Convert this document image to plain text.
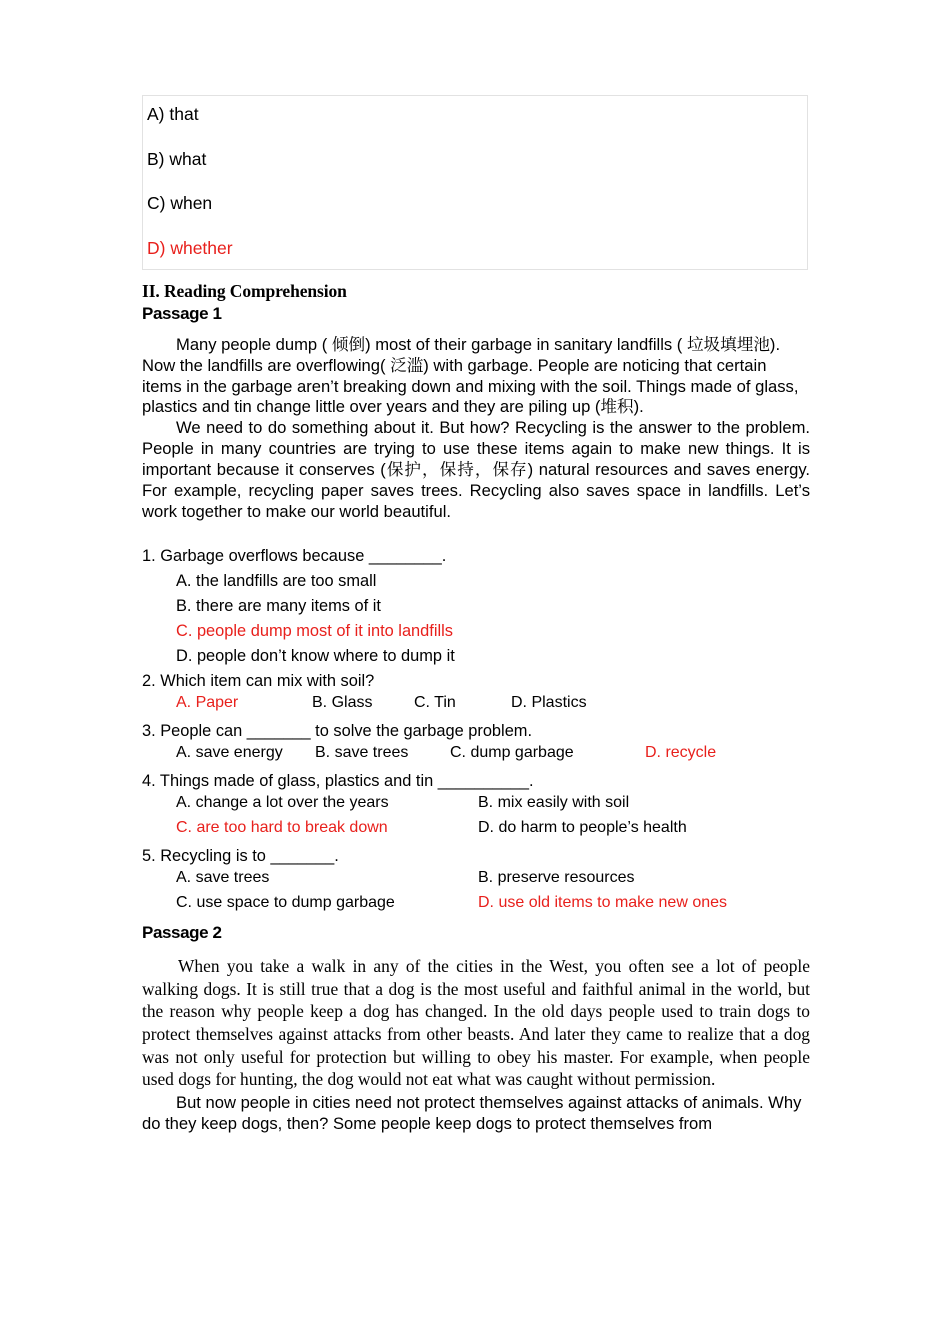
A) that
B) what
C) when
D) whether
II. Reading Comprehension
Passage 1

Many people dump ( 倾倒) most of their garbage in sanitary landfills ( 垃圾填埋池). Now the landfills are overflowing( 泛滥) with garbage. People are noticing that certain items in the garbage aren’t breaking down and mixing with the soil. Things made of glass, plastics and tin change little over years and they are piling up (堆积).

We need to do something about it. But how? Recycling is the answer to the problem. People in many countries are trying to use these items again to make new things. It is important because it conserves (保护，保持，保存) natural resources and saves energy. For example, recycling paper saves trees. Recycling also saves space in landfills. Let’s work together to make our world beautiful.

1. Garbage overflows because ________.
A. the landfills are too small
B. there are many items of it
C. people dump most of it into landfills
D. people don’t know where to dump it
2. Which item can mix with soil?
A. Paper	B. Glass	C. Tin	D. Plastics
3. People can _______ to solve the garbage problem.
A. save energy B. save trees	C. dump garbage	D. recycle
4. Things made of glass, plastics and tin __________.
A. change a lot over the years	B. mix easily with soil
C. are too hard to break down	D. do harm to people’s health
5. Recycling is to _______.
A. save trees	B. preserve resources
C. use space to dump garbage	D. use old items to make new ones
Passage 2

When you take a walk in any of the cities in the West, you often see a lot of people walking dogs. It is still true that a dog is the most useful and faithful animal in the world, but the reason why people keep a dog has changed. In the old days people used to train dogs to protect themselves against attacks from other beasts. And later they came to realize that a dog was not only useful for protection but willing to obey his master. For example, when people used dogs for hunting, the dog would not eat what was caught without permission.

But now people in cities need not protect themselves against attacks of animals. Why do they keep dogs, then? Some people keep dogs to protect themselves from
